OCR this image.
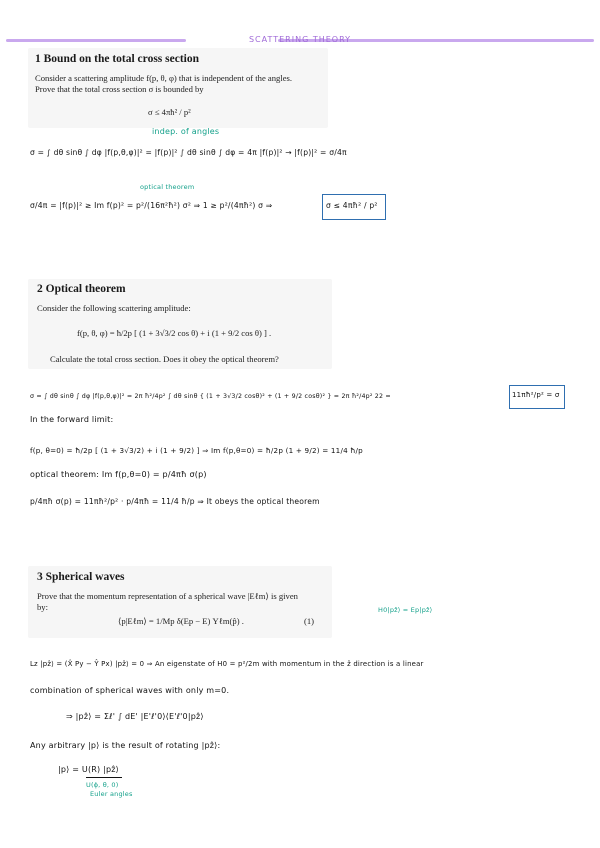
SCATTERING THEORY
1 Bound on the total cross section
Consider a scattering amplitude f(p, θ, φ) that is independent of the angles.
Prove that the total cross section σ is bounded by
σ ≤ 4πħ² / p²
indep. of angles
σ = ∫ dθ sinθ ∫ dφ |f(p,θ,φ)|² = |f(p)|² ∫ dθ sinθ ∫ dφ = 4π |f(p)|² → |f(p)|² = σ/4π
optical theorem
σ/4π = |f(p)|² ≥ Im f(p)² = p²/(16π²ħ²) σ² ⇒ 1 ≥ p²/(4πħ²) σ ⇒	σ ≤ 4πħ² / p²
2 Optical theorem
Consider the following scattering amplitude:
f(p, θ, φ) = ħ/2p [ (1 + 3√3/2 cos θ) + i (1 + 9/2 cos θ) ] .
Calculate the total cross section. Does it obey the optical theorem?
σ = ∫ dθ sinθ ∫ dφ |f(p,θ,φ)|² = 2π ħ²/4p² ∫ dθ sinθ { (1 + 3√3/2 cosθ)² + (1 + 9/2 cosθ)² } = 2π ħ²/4p² 22 =	11πħ²/p² = σ
In the forward limit:
f(p, θ=0) = ħ/2p [ (1 + 3√3/2) + i (1 + 9/2) ] ⇒ Im f(p,θ=0) = ħ/2p (1 + 9/2) = 11/4 ħ/p
optical theorem: Im f(p,θ=0) = p/4πħ σ(p)
p/4πħ σ(p) = 11πħ²/p² · p/4πħ = 11/4 ħ/p ⇒ It obeys the optical theorem
3 Spherical waves
Prove that the momentum representation of a spherical wave |Eℓm⟩ is given
by:
⟨p|Eℓm⟩ = 1/Mp δ(Ep − E) Yℓm(p̂) .	(1)
H0|pẑ⟩ = Ep|pẑ⟩
Lz |pẑ⟩ = (X̂ Py − Ŷ Px) |pẑ⟩ = 0 ⇒ An eigenstate of H0 = p²/2m with momentum in the ẑ direction is a linear
combination of spherical waves with only m=0.
⇒ |pẑ⟩ = Σℓ' ∫ dE' |E'ℓ'0⟩⟨E'ℓ'0|pẑ⟩
Any arbitrary |p⟩ is the result of rotating |pẑ⟩:
|p⟩ = U(R) |pẑ⟩
U(ϕ, θ, 0)
Euler angles
